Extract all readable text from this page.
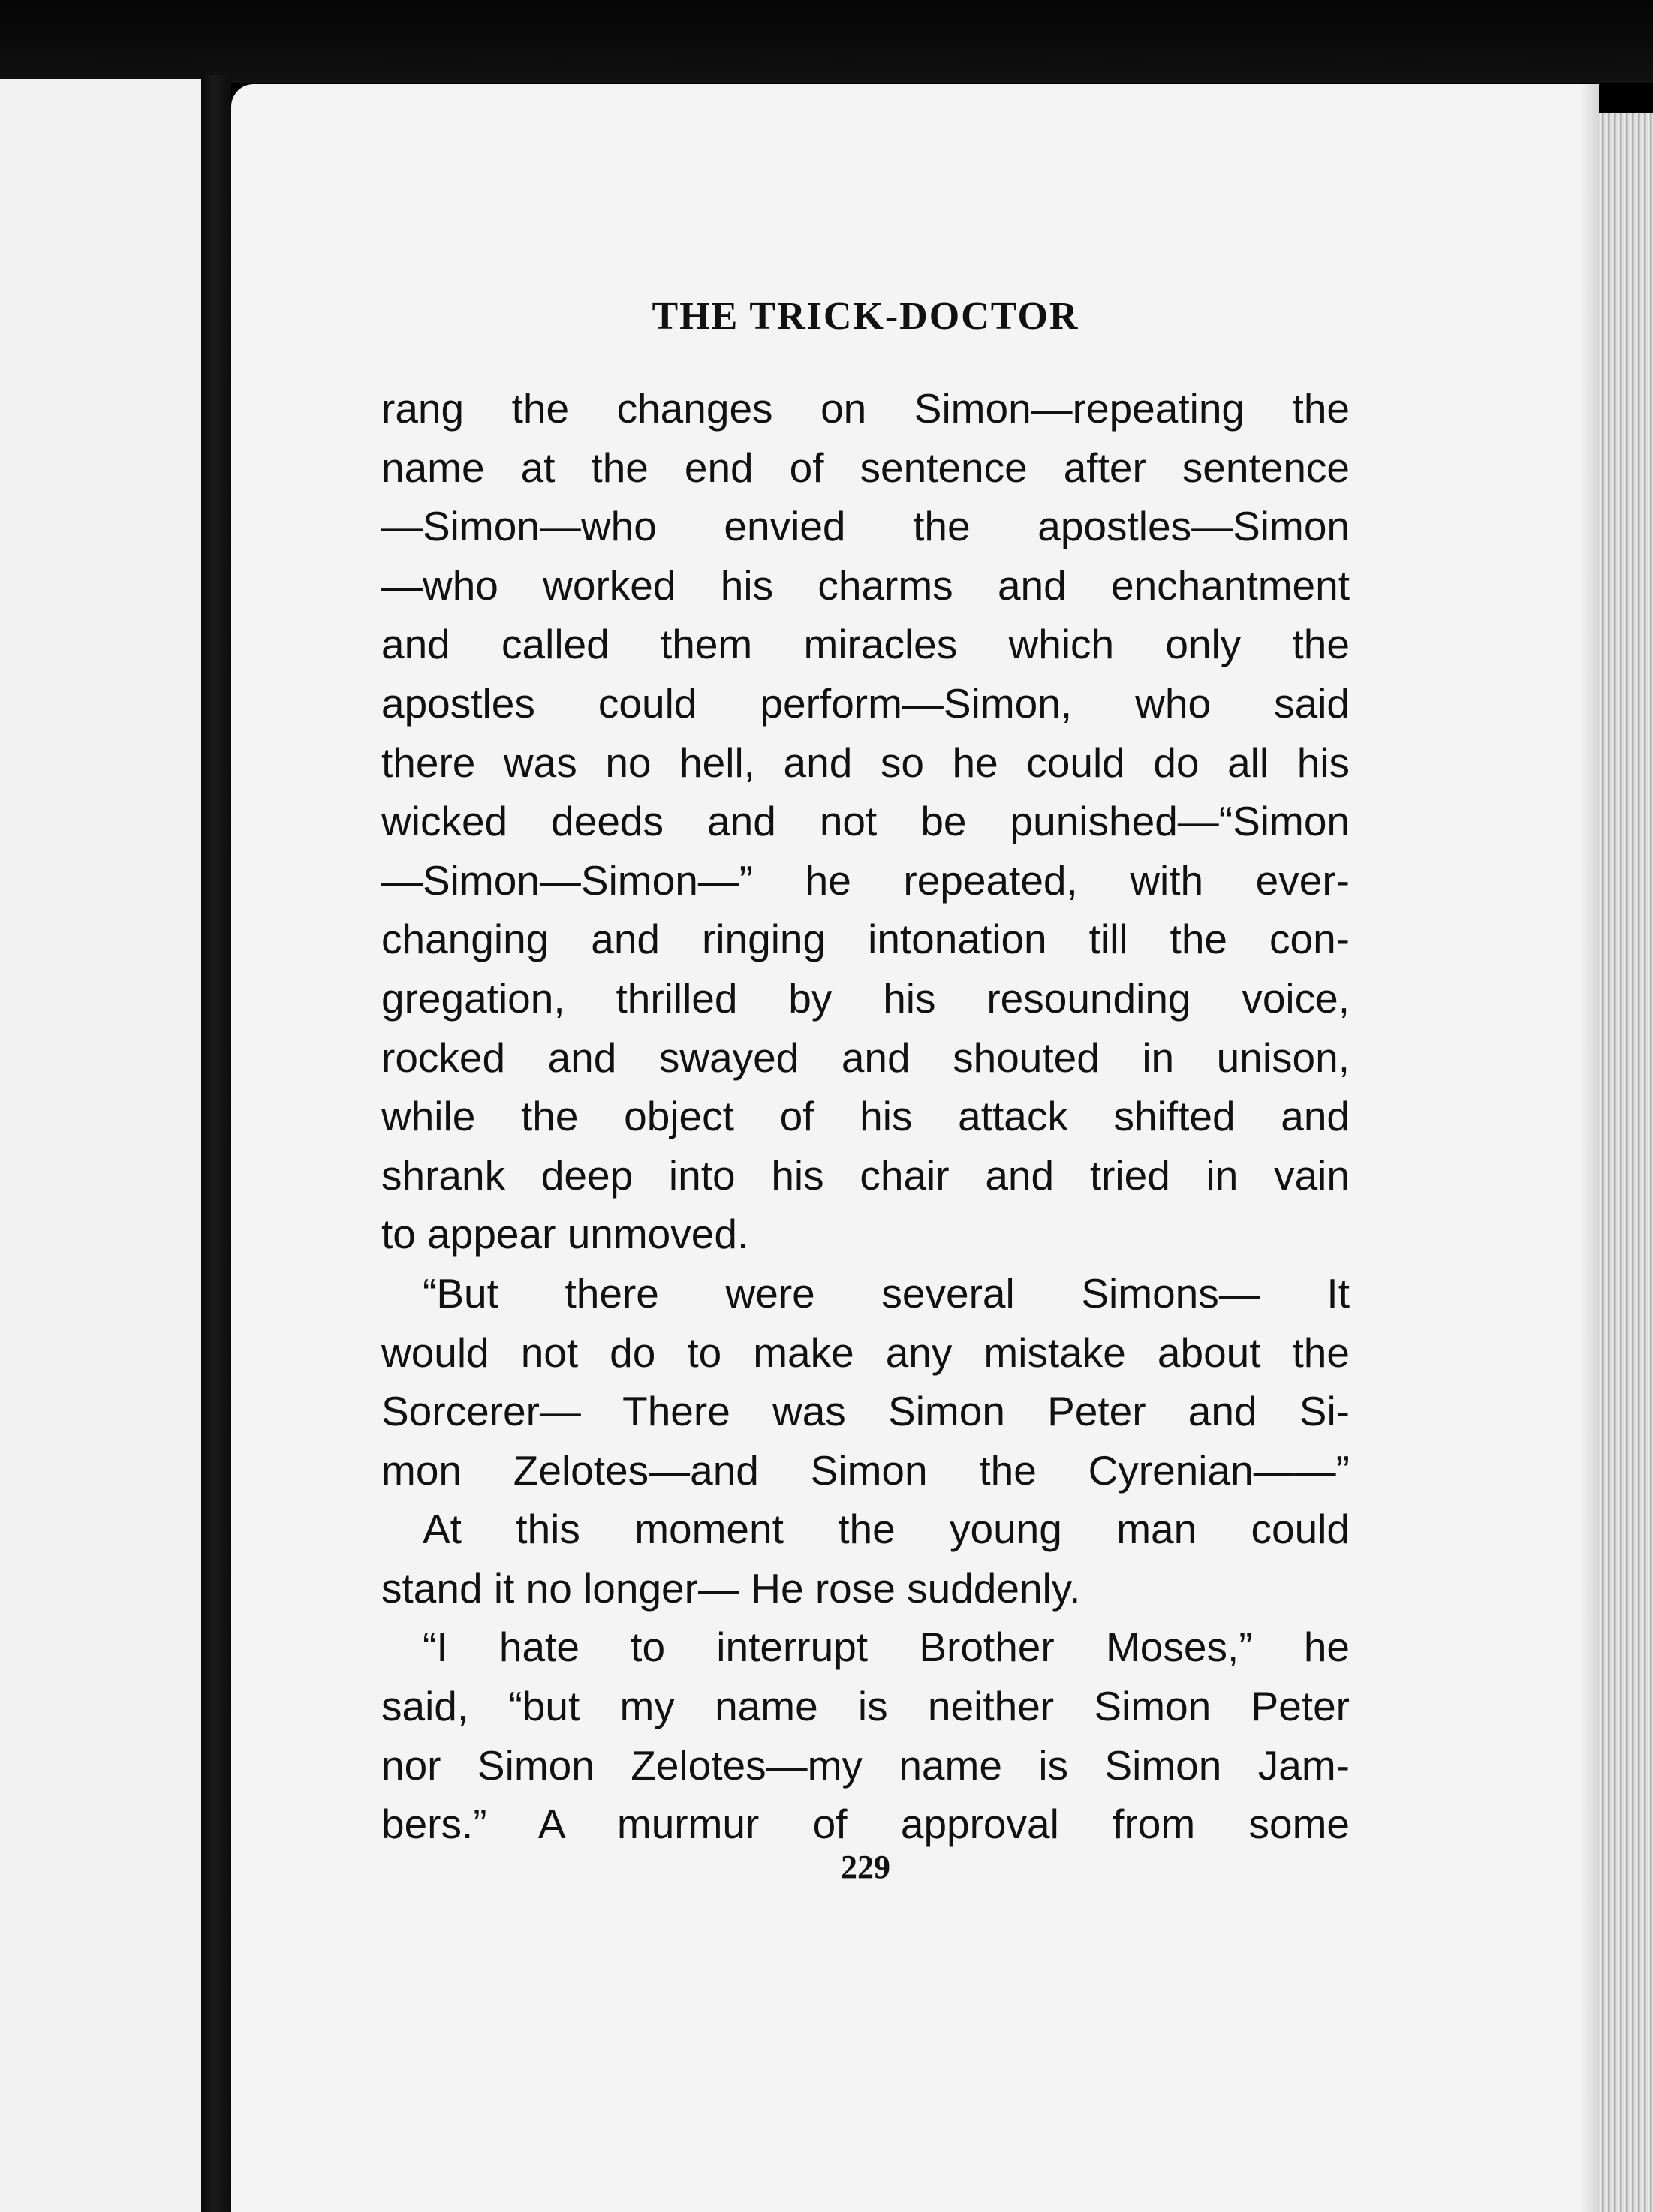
THE TRICK-DOCTOR
rang the changes on Simon—repeating the
name at the end of sentence after sentence
—Simon—who envied the apostles—Simon
—who worked his charms and enchantment
and called them miracles which only the
apostles could perform—Simon, who said
there was no hell, and so he could do all his
wicked deeds and not be punished—“Simon
—Simon—Simon—” he repeated, with ever-
changing and ringing intonation till the con-
gregation, thrilled by his resounding voice,
rocked and swayed and shouted in unison,
while the object of his attack shifted and
shrank deep into his chair and tried in vain
to appear unmoved.
“But there were several Simons— It
would not do to make any mistake about the
Sorcerer— There was Simon Peter and Si-
mon Zelotes—and Simon the Cyrenian——”
At this moment the young man could
stand it no longer— He rose suddenly.
“I hate to interrupt Brother Moses,” he
said, “but my name is neither Simon Peter
nor Simon Zelotes—my name is Simon Jam-
bers.” A murmur of approval from some
229
